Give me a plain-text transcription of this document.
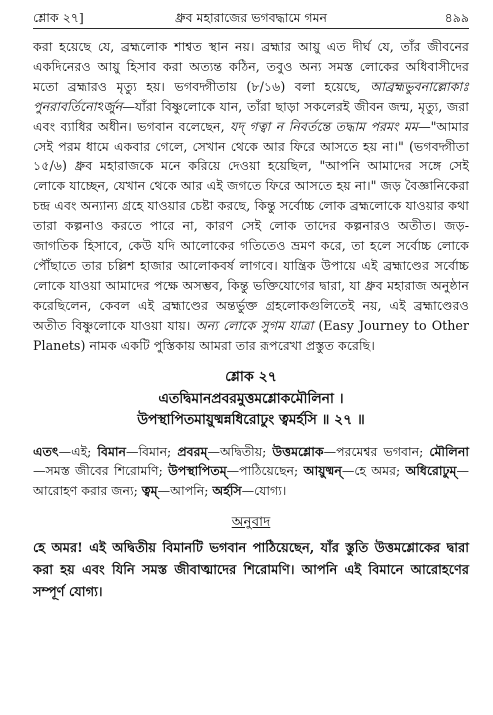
শ্লোক ২৭]	ধ্রুব মহারাজের ভগবদ্ধামে গমন	৪৯৯

করা হয়েছে যে, ব্রহ্মলোক শাশ্বত স্থান নয়। ব্রহ্মার আয়ু এত দীর্ঘ যে, তাঁর জীবনের একদিনেরও আয়ু হিসাব করা অত্যন্ত কঠিন, তবুও অন্য সমস্ত লোকের অধিবাসীদের মতো ব্রহ্মারও মৃত্যু হয়। ভগবদ্গীতায় (৮/১৬) বলা হয়েছে, আব্রহ্মভুবনাল্লোকাঃ পুনরাবর্তিনোঽর্জুন—যাঁরা বিষ্ণুলোকে যান, তাঁরা ছাড়া সকলেরই জীবন জন্ম, মৃত্যু, জরা এবং ব্যাধির অধীন। ভগবান বলেছেন, যদ্ গত্বা ন নিবর্তন্তে তদ্ধাম পরমং মম—"আমার সেই পরম ধামে একবার গেলে, সেখান থেকে আর ফিরে আসতে হয় না।" (ভগবদ্গীতা ১৫/৬) ধ্রুব মহারাজকে মনে করিয়ে দেওয়া হয়েছিল, "আপনি আমাদের সঙ্গে সেই লোকে যাচ্ছেন, যেখান থেকে আর এই জগতে ফিরে আসতে হয় না।" জড় বৈজ্ঞানিকেরা চন্দ্র এবং অন্যান্য গ্রহে যাওয়ার চেষ্টা করছে, কিন্তু সর্বোচ্চ লোক ব্রহ্মলোকে যাওয়ার কথা তারা কল্পনাও করতে পারে না, কারণ সেই লোক তাদের কল্পনারও অতীত। জড়-জাগতিক হিসাবে, কেউ যদি আলোকের গতিতেও ভ্রমণ করে, তা হলে সর্বোচ্চ লোকে পৌঁছাতে তার চল্লিশ হাজার আলোকবর্ষ লাগবে। যান্ত্রিক উপায়ে এই ব্রহ্মাণ্ডের সর্বোচ্চ লোকে যাওয়া আমাদের পক্ষে অসম্ভব, কিন্তু ভক্তিযোগের দ্বারা, যা ধ্রুব মহারাজ অনুষ্ঠান করেছিলেন, কেবল এই ব্রহ্মাণ্ডের অন্তর্ভুক্ত গ্রহলোকগুলিতেই নয়, এই ব্রহ্মাণ্ডেরও অতীত বিষ্ণুলোকে যাওয়া যায়। অন্য লোকে সুগম যাত্রা (Easy Journey to Other Planets) নামক একটি পুস্তিকায় আমরা তার রূপরেখা প্রস্তুত করেছি।

শ্লোক ২৭
এতদ্বিমানপ্রবরমুত্তমশ্লোকমৌলিনা ।
উপস্থাপিতমায়ুষ্মন্নধিরোঢুং ত্বমর্হসি ॥ ২৭ ॥
এতৎ—এই; বিমান—বিমান; প্রবরম্—অদ্বিতীয়; উত্তমশ্লোক—পরমেশ্বর ভগবান; মৌলিনা—সমস্ত জীবের শিরোমণি; উপস্থাপিতম্—পাঠিয়েছেন; আয়ুষ্মন্—হে অমর; অধিরোঢুম্—আরোহণ করার জন্য; ত্বম্—আপনি; অর্হসি—যোগ্য।
অনুবাদ
হে অমর! এই অদ্বিতীয় বিমানটি ভগবান পাঠিয়েছেন, যাঁর স্তুতি উত্তমশ্লোকের দ্বারা করা হয় এবং যিনি সমস্ত জীবাত্মাদের শিরোমণি। আপনি এই বিমানে আরোহণের সম্পূর্ণ যোগ্য।
